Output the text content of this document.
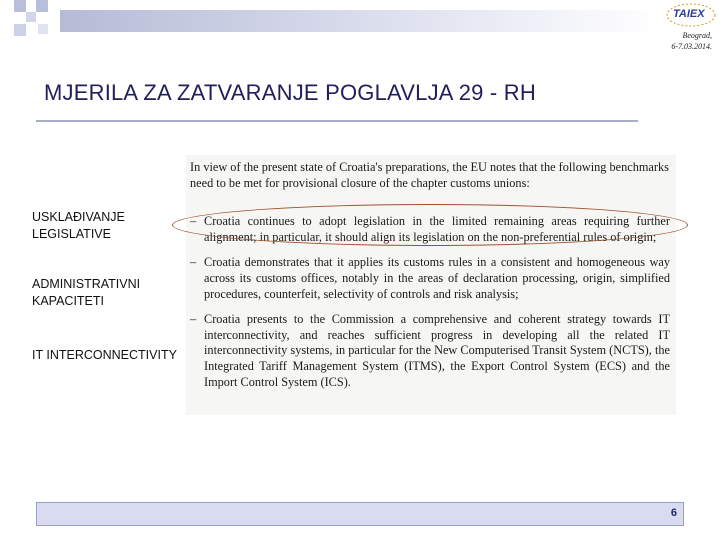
TAIEX
Beograd,
6-7.03.2014.
MJERILA ZA ZATVARANJE POGLAVLJA 29 - RH

In view of the present state of Croatia's preparations, the EU notes that the following benchmarks need to be met for provisional closure of the chapter customs unions:

– Croatia continues to adopt legislation in the limited remaining areas requiring further alignment; in particular, it should align its legislation on the non-preferential rules of origin;

– Croatia demonstrates that it applies its customs rules in a consistent and homogeneous way across its customs offices, notably in the areas of declaration processing, origin, simplified procedures, counterfeit, selectivity of controls and risk analysis;

– Croatia presents to the Commission a comprehensive and coherent strategy towards IT interconnectivity, and reaches sufficient progress in developing all the related IT interconnectivity systems, in particular for the New Computerised Transit System (NCTS), the Integrated Tariff Management System (ITMS), the Export Control System (ECS) and the Import Control System (ICS).

USKLAĐIVANJE LEGISLATIVE
ADMINISTRATIVNI KAPACITETI
IT INTERCONNECTIVITY
6
